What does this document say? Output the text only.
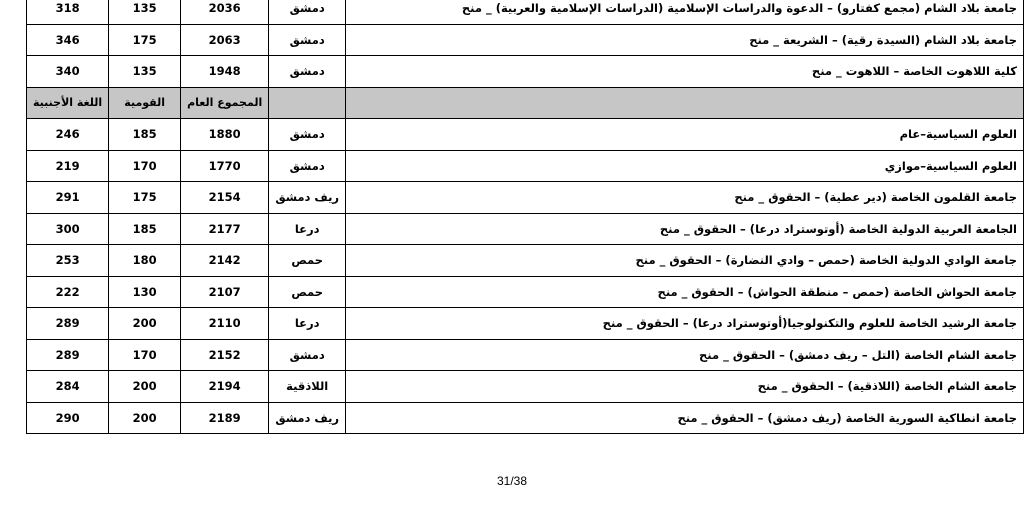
318	135	2036	دمشق	جامعة بلاد الشام (مجمع كفتارو) – الدعوة والدراسات الإسلامية (الدراسات الإسلامية والعربية) _ منح
346	175	2063	دمشق	جامعة بلاد الشام (السيدة رقية) – الشريعة _ منح
340	135	1948	دمشق	كلية اللاهوت الخاصة – اللاهوت _ منح
اللغة الأجنبية	القومية	المجموع العام		
246	185	1880	دمشق	العلوم السياسية–عام
219	170	1770	دمشق	العلوم السياسية–موازي
291	175	2154	ريف دمشق	جامعة القلمون الخاصة (دير عطية) – الحقوق _ منح
300	185	2177	درعا	الجامعة العربية الدولية الخاصة (أوتوستراد درعا) – الحقوق _ منح
253	180	2142	حمص	جامعة الوادي الدولية الخاصة (حمص – وادي النضارة) – الحقوق _ منح
222	130	2107	حمص	جامعة الحواش الخاصة (حمص – منطقة الحواش) – الحقوق _ منح
289	200	2110	درعا	جامعة الرشيد الخاصة للعلوم والتكنولوجيا(أوتوستراد درعا) – الحقوق _ منح
289	170	2152	دمشق	جامعة الشام الخاصة (التل – ريف دمشق) – الحقوق _ منح
284	200	2194	اللاذقية	جامعة الشام الخاصة (اللاذقية) – الحقوق _ منح
290	200	2189	ريف دمشق	جامعة انطاكية السورية الخاصة (ريف دمشق) – الحقوق _ منح
31/38
